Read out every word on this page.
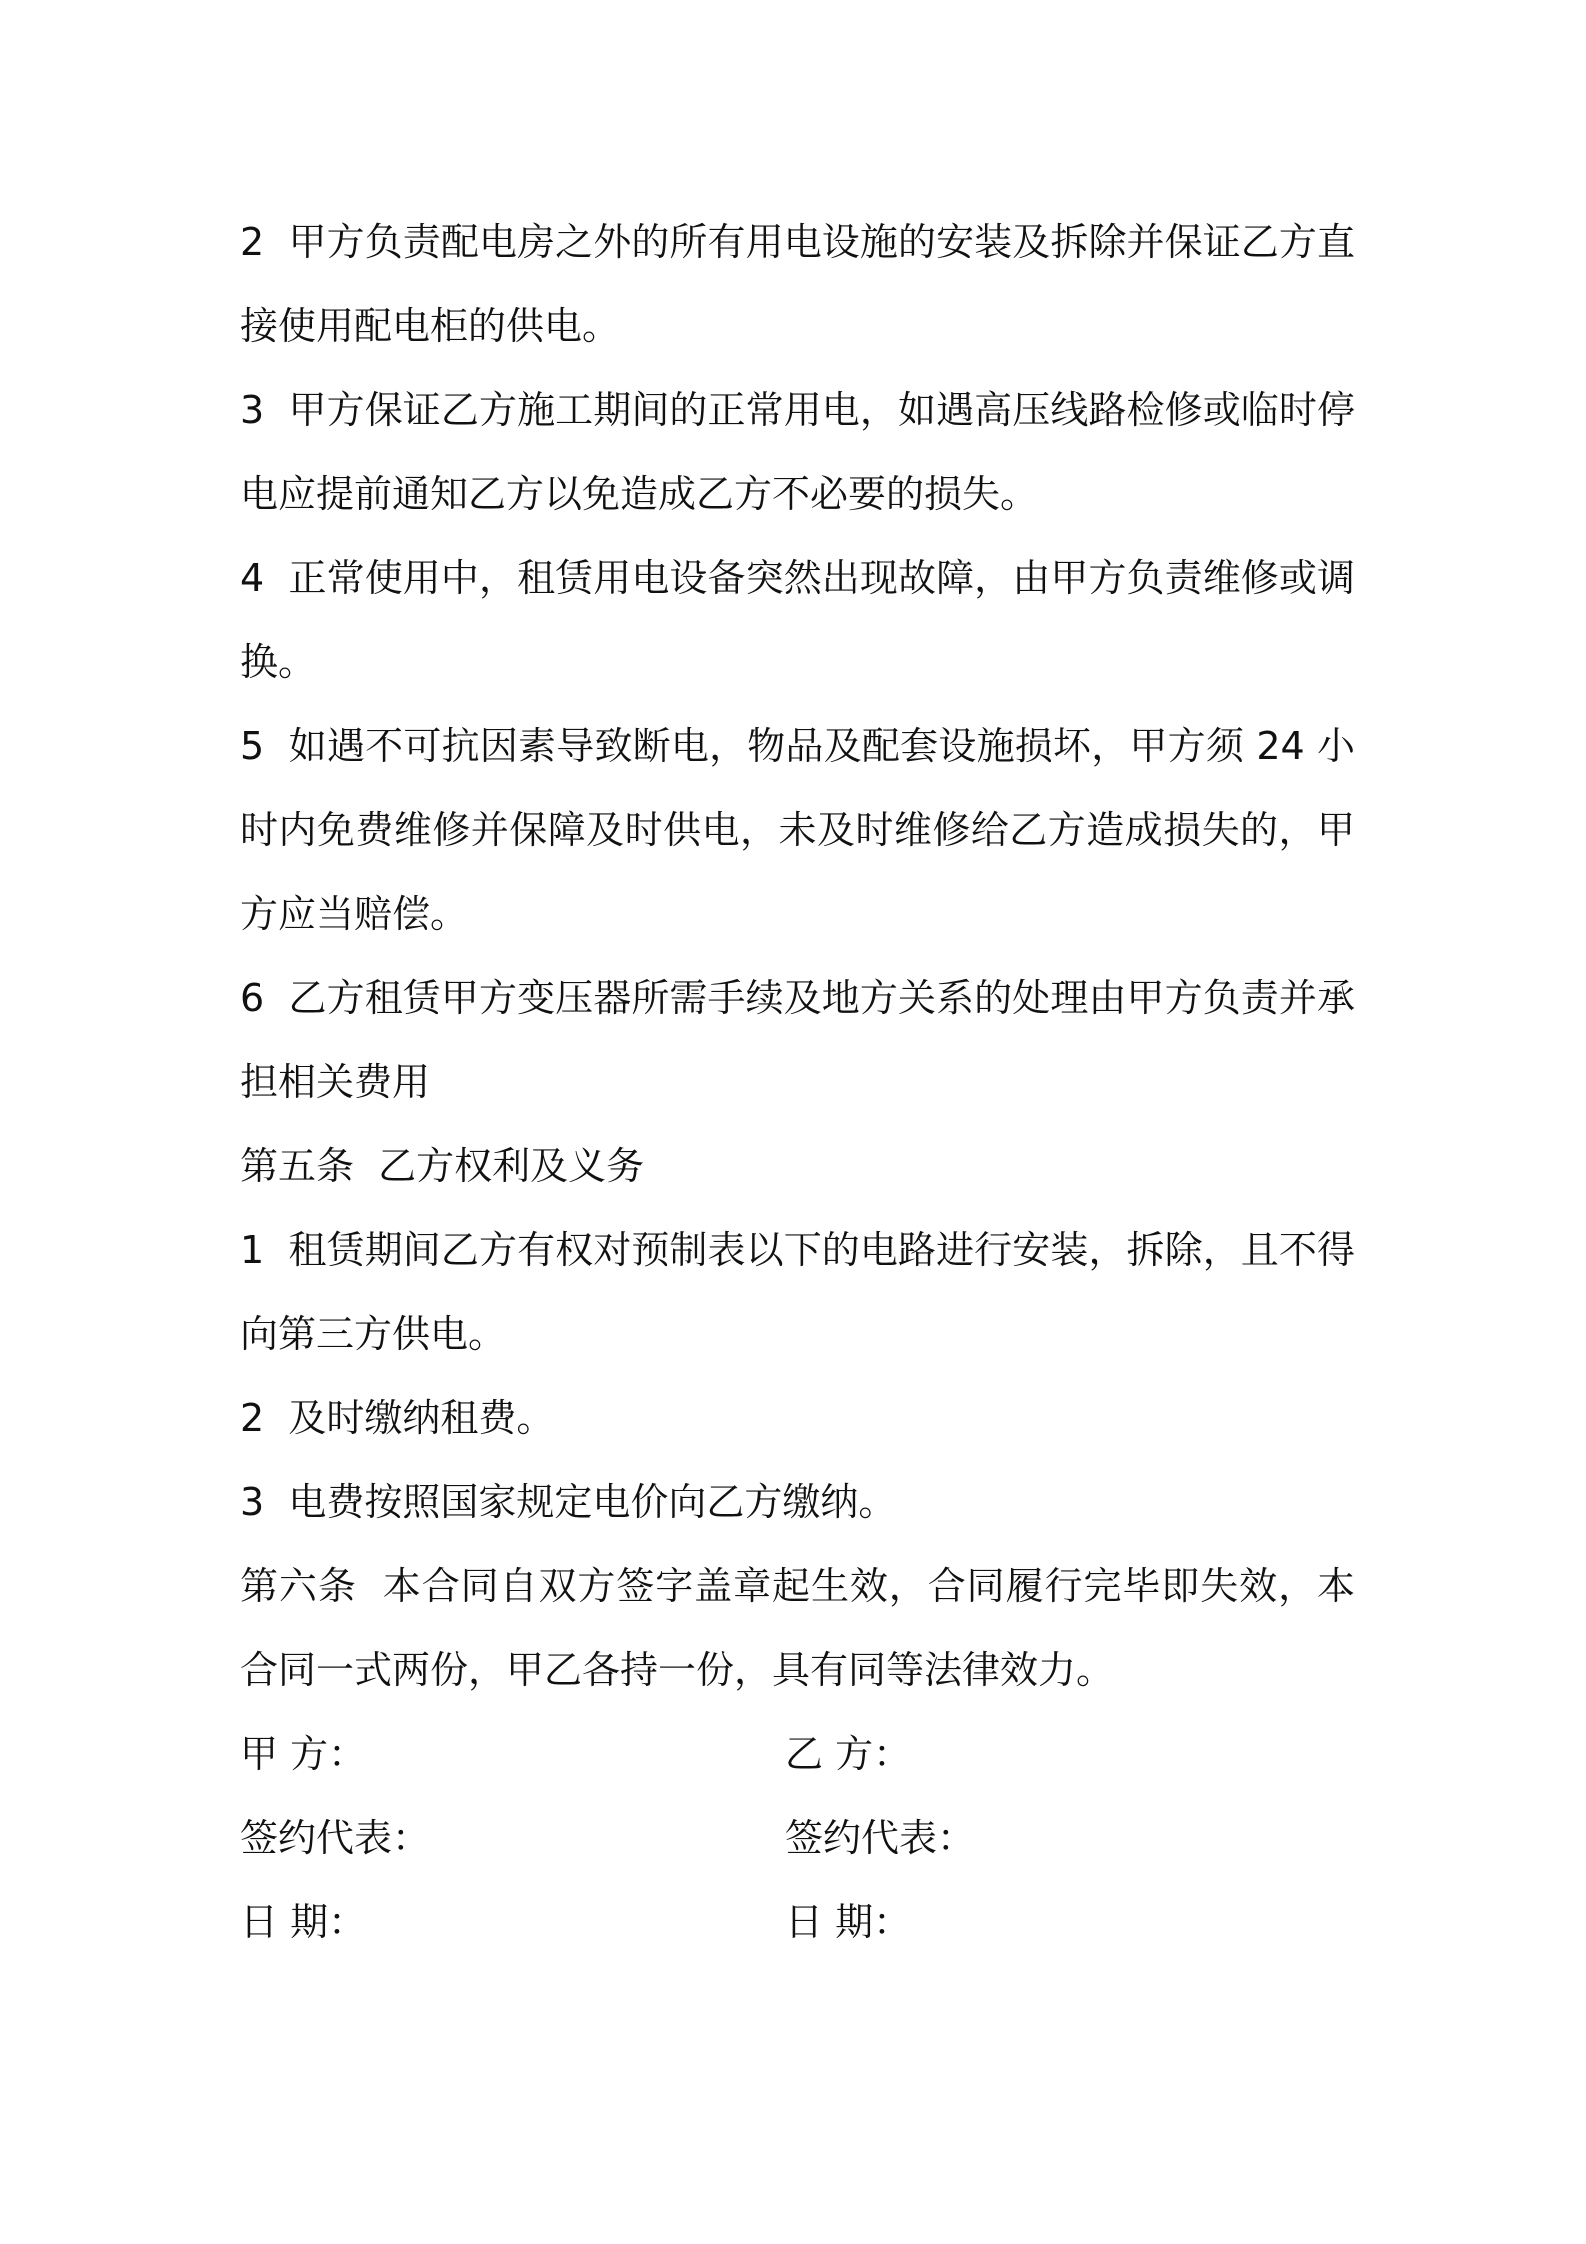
2  甲方负责配电房之外的所有用电设施的安装及拆除并保证乙方直接使用配电柜的供电。

3  甲方保证乙方施工期间的正常用电，如遇高压线路检修或临时停电应提前通知乙方以免造成乙方不必要的损失。

4  正常使用中，租赁用电设备突然出现故障，由甲方负责维修或调换。

5  如遇不可抗因素导致断电，物品及配套设施损坏，甲方须 24 小时内免费维修并保障及时供电，未及时维修给乙方造成损失的，甲方应当赔偿。

6  乙方租赁甲方变压器所需手续及地方关系的处理由甲方负责并承担相关费用

第五条  乙方权利及义务

1  租赁期间乙方有权对预制表以下的电路进行安装，拆除，且不得向第三方供电。

2  及时缴纳租费。

3  电费按照国家规定电价向乙方缴纳。

第六条  本合同自双方签字盖章起生效，合同履行完毕即失效，本合同一式两份，甲乙各持一份，具有同等法律效力。

甲 方：	乙 方：
签约代表：	签约代表：
日 期：	日 期：
